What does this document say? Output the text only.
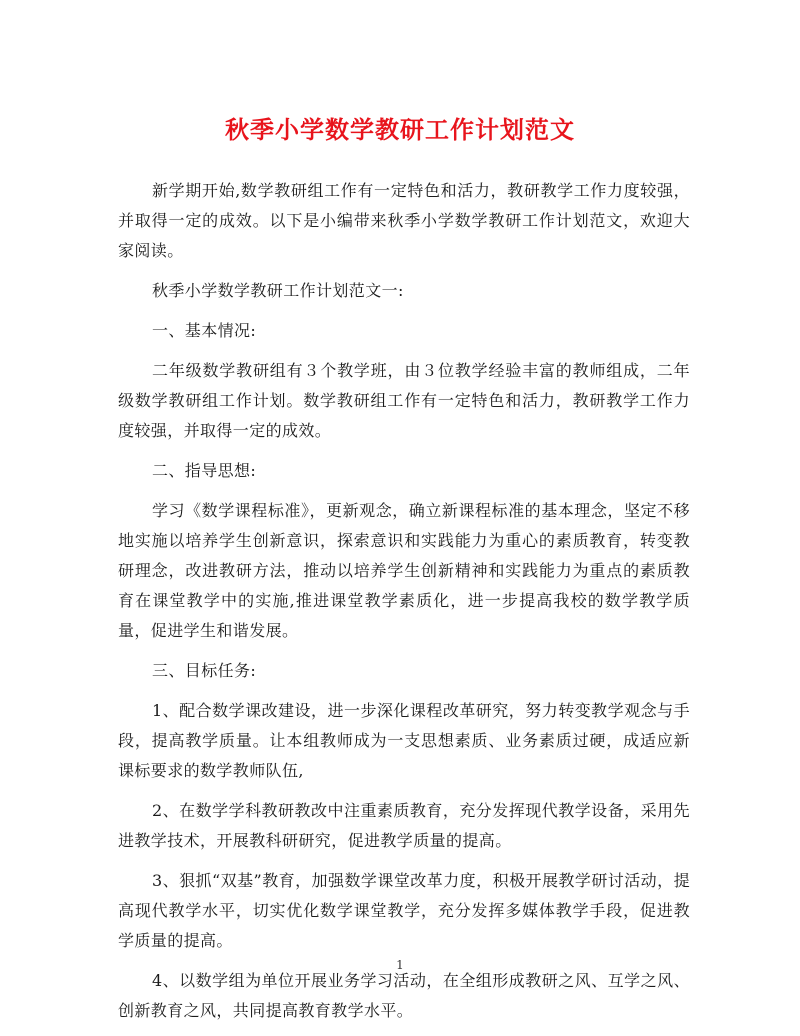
秋季小学数学教研工作计划范文

新学期开始,数学教研组工作有一定特色和活力，教研教学工作力度较强，并取得一定的成效。以下是小编带来秋季小学数学教研工作计划范文，欢迎大家阅读。

秋季小学数学教研工作计划范文一:

一、基本情况:

二年级数学教研组有３个教学班，由３位教学经验丰富的教师组成，二年级数学教研组工作计划。数学教研组工作有一定特色和活力，教研教学工作力度较强，并取得一定的成效。

二、指导思想:

学习《数学课程标准》，更新观念，确立新课程标准的基本理念，坚定不移地实施以培养学生创新意识，探索意识和实践能力为重心的素质教育，转变教研理念，改进教研方法，推动以培养学生创新精神和实践能力为重点的素质教育在课堂教学中的实施,推进课堂教学素质化，进一步提高我校的数学教学质量，促进学生和谐发展。

三、目标任务:

1、配合数学课改建设，进一步深化课程改革研究，努力转变教学观念与手段，提高教学质量。让本组教师成为一支思想素质、业务素质过硬，成适应新课标要求的数学教师队伍,

2、在数学学科教研教改中注重素质教育，充分发挥现代教学设备，采用先进教学技术，开展教科研研究，促进教学质量的提高。

3、狠抓“双基”教育，加强数学课堂改革力度，积极开展教学研讨活动，提高现代教学水平，切实优化数学课堂教学，充分发挥多媒体教学手段，促进教学质量的提高。

4、以数学组为单位开展业务学习活动，在全组形成教研之风、互学之风、创新教育之风，共同提高教育教学水平。

1
